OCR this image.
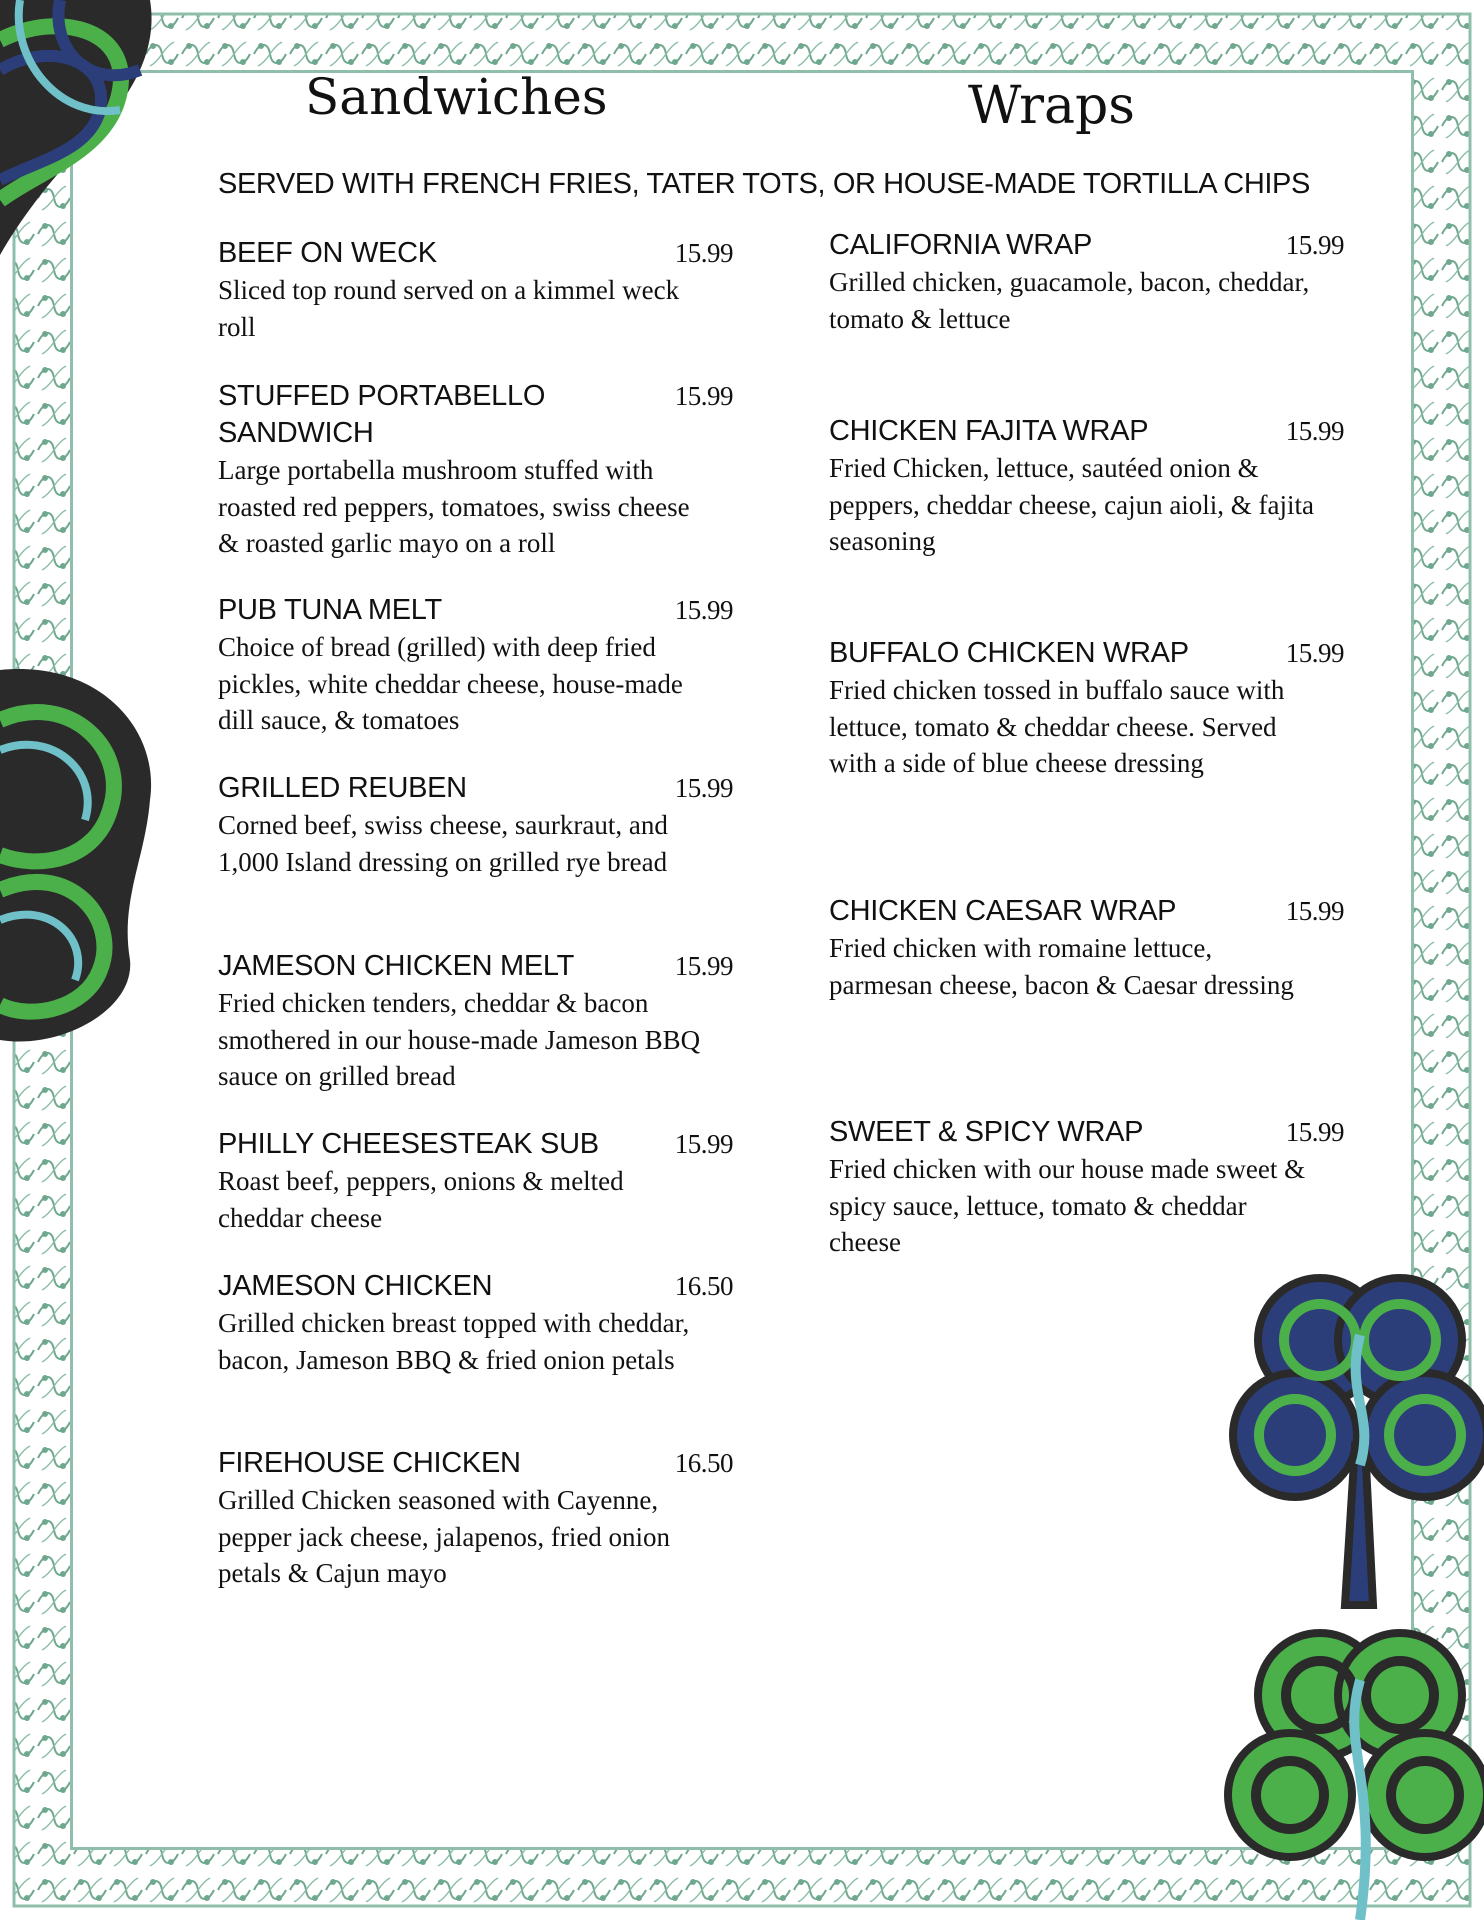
Sandwiches	Wraps
SERVED WITH FRENCH FRIES, TATER TOTS, OR HOUSE-MADE TORTILLA CHIPS
BEEF ON WECK	15.99
Sliced top round served on a kimmel weck roll
STUFFED PORTABELLO SANDWICH
15.99
Large portabella mushroom stuffed with roasted red peppers, tomatoes, swiss cheese & roasted garlic mayo on a roll
PUB TUNA MELT	15.99
Choice of bread (grilled) with deep fried pickles, white cheddar cheese, house-made dill sauce, & tomatoes
GRILLED REUBEN	15.99
Corned beef, swiss cheese, saurkraut, and 1,000 Island dressing on grilled rye bread
JAMESON CHICKEN MELT	15.99
Fried chicken tenders, cheddar & bacon smothered in our house-made Jameson BBQ sauce on grilled bread
PHILLY CHEESESTEAK SUB	15.99
Roast beef, peppers, onions & melted cheddar cheese
JAMESON CHICKEN	16.50
Grilled chicken breast topped with cheddar, bacon, Jameson BBQ & fried onion petals
FIREHOUSE CHICKEN	16.50
Grilled Chicken seasoned with Cayenne, pepper jack cheese, jalapenos, fried onion petals & Cajun mayo
CALIFORNIA WRAP	15.99
Grilled chicken, guacamole, bacon, cheddar, tomato & lettuce
CHICKEN FAJITA WRAP	15.99
Fried Chicken, lettuce, sautéed onion & peppers, cheddar cheese, cajun aioli, & fajita seasoning
BUFFALO CHICKEN WRAP	15.99
Fried chicken tossed in buffalo sauce with lettuce, tomato & cheddar cheese. Served with a side of blue cheese dressing
CHICKEN CAESAR WRAP	15.99
Fried chicken with romaine lettuce, parmesan cheese, bacon & Caesar dressing
SWEET & SPICY WRAP	15.99
Fried chicken with our house made sweet & spicy sauce, lettuce, tomato & cheddar cheese
